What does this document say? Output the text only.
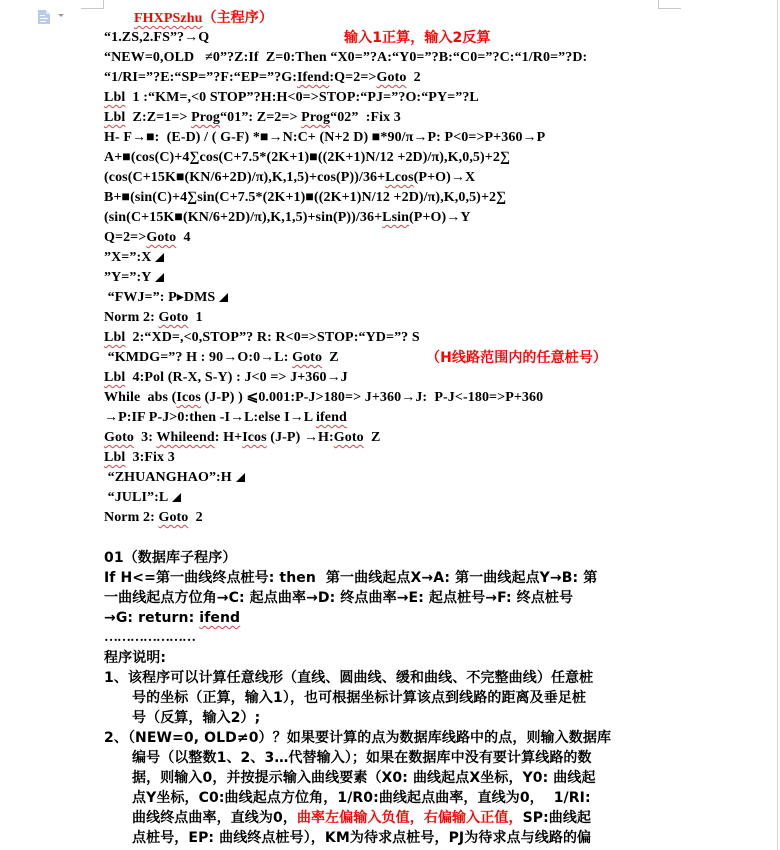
FHXPSzhu（主程序）
“1.ZS,2.FS”?→Q	输入1正算，输入2反算
“NEW=0,OLD   ≠0”?Z:If  Z=0:Then “X0=”?A:“Y0=”?B:“C0=”?C:“1/R0=”?D:
“1/RI=”?E:“SP=”?F:“EP=”?G:Ifend:Q=2=>Goto  2
Lbl  1 :“KM=,<0 STOP”?H:H<0=>STOP:“PJ=”?O:“PY=”?L
Lbl  Z:Z=1=> Prog“01”: Z=2=> Prog“02”  :Fix 3
H- F→■:  (E-D) / ( G-F) *■→N:C+ (N+2 D) ■*90/π→P: P<0=>P+360→P
A+■(cos(C)+4∑cos(C+7.5*(2K+1)■((2K+1)N/12 +2D)/π),K,0,5)+2∑
(cos(C+15K■(KN/6+2D)/π),K,1,5)+cos(P))/36+Lcos(P+O)→X
B+■(sin(C)+4∑sin(C+7.5*(2K+1)■((2K+1)N/12 +2D)/π),K,0,5)+2∑
(sin(C+15K■(KN/6+2D)/π),K,1,5)+sin(P))/36+Lsin(P+O)→Y
Q=2=>Goto  4
”X=”:X
”Y=”:Y
“FWJ=”: P▸DMS
Norm 2: Goto  1
Lbl  2:“XD=,<0,STOP”? R: R<0=>STOP:“YD=”? S
“KMDG=”? H : 90→O:0→L: Goto  Z	（H线路范围内的任意桩号）
Lbl  4:Pol (R-X, S-Y) : J<0 => J+360→J
While  abs (Icos (J-P) ) ⩽0.001:P-J>180=> J+360→J:  P-J<-180=>P+360
→P:IF P-J>0:then -I→L:else I→L ifend
Goto  3: Whileend: H+Icos (J-P) →H:Goto  Z
Lbl  3:Fix 3
“ZHUANGHAO”:H
“JULI”:L
Norm 2: Goto  2
01（数据库子程序）
If H<=第一曲线终点桩号: then  第一曲线起点X→A: 第一曲线起点Y→B: 第
一曲线起点方位角→C: 起点曲率→D: 终点曲率→E: 起点桩号→F: 终点桩号
→G: return: ifend
…………………
程序说明:
1、该程序可以计算任意线形（直线、圆曲线、缓和曲线、不完整曲线）任意桩
号的坐标（正算，输入1），也可根据坐标计算该点到线路的距离及垂足桩
号（反算，输入2）;
2、（NEW=0, OLD≠0）？如果要计算的点为数据库线路中的点，则输入数据库
编号（以整数1、2、3…代替输入）；如果在数据库中没有要计算线路的数
据，则输入0，并按提示输入曲线要素（X0: 曲线起点X坐标，Y0: 曲线起
点Y坐标，C0:曲线起点方位角，1/R0:曲线起点曲率，直线为0，  1/RI:
曲线终点曲率，直线为0，曲率左偏输入负值，右偏输入正值，SP:曲线起
点桩号，EP: 曲线终点桩号），KM为待求点桩号，PJ为待求点与线路的偏
